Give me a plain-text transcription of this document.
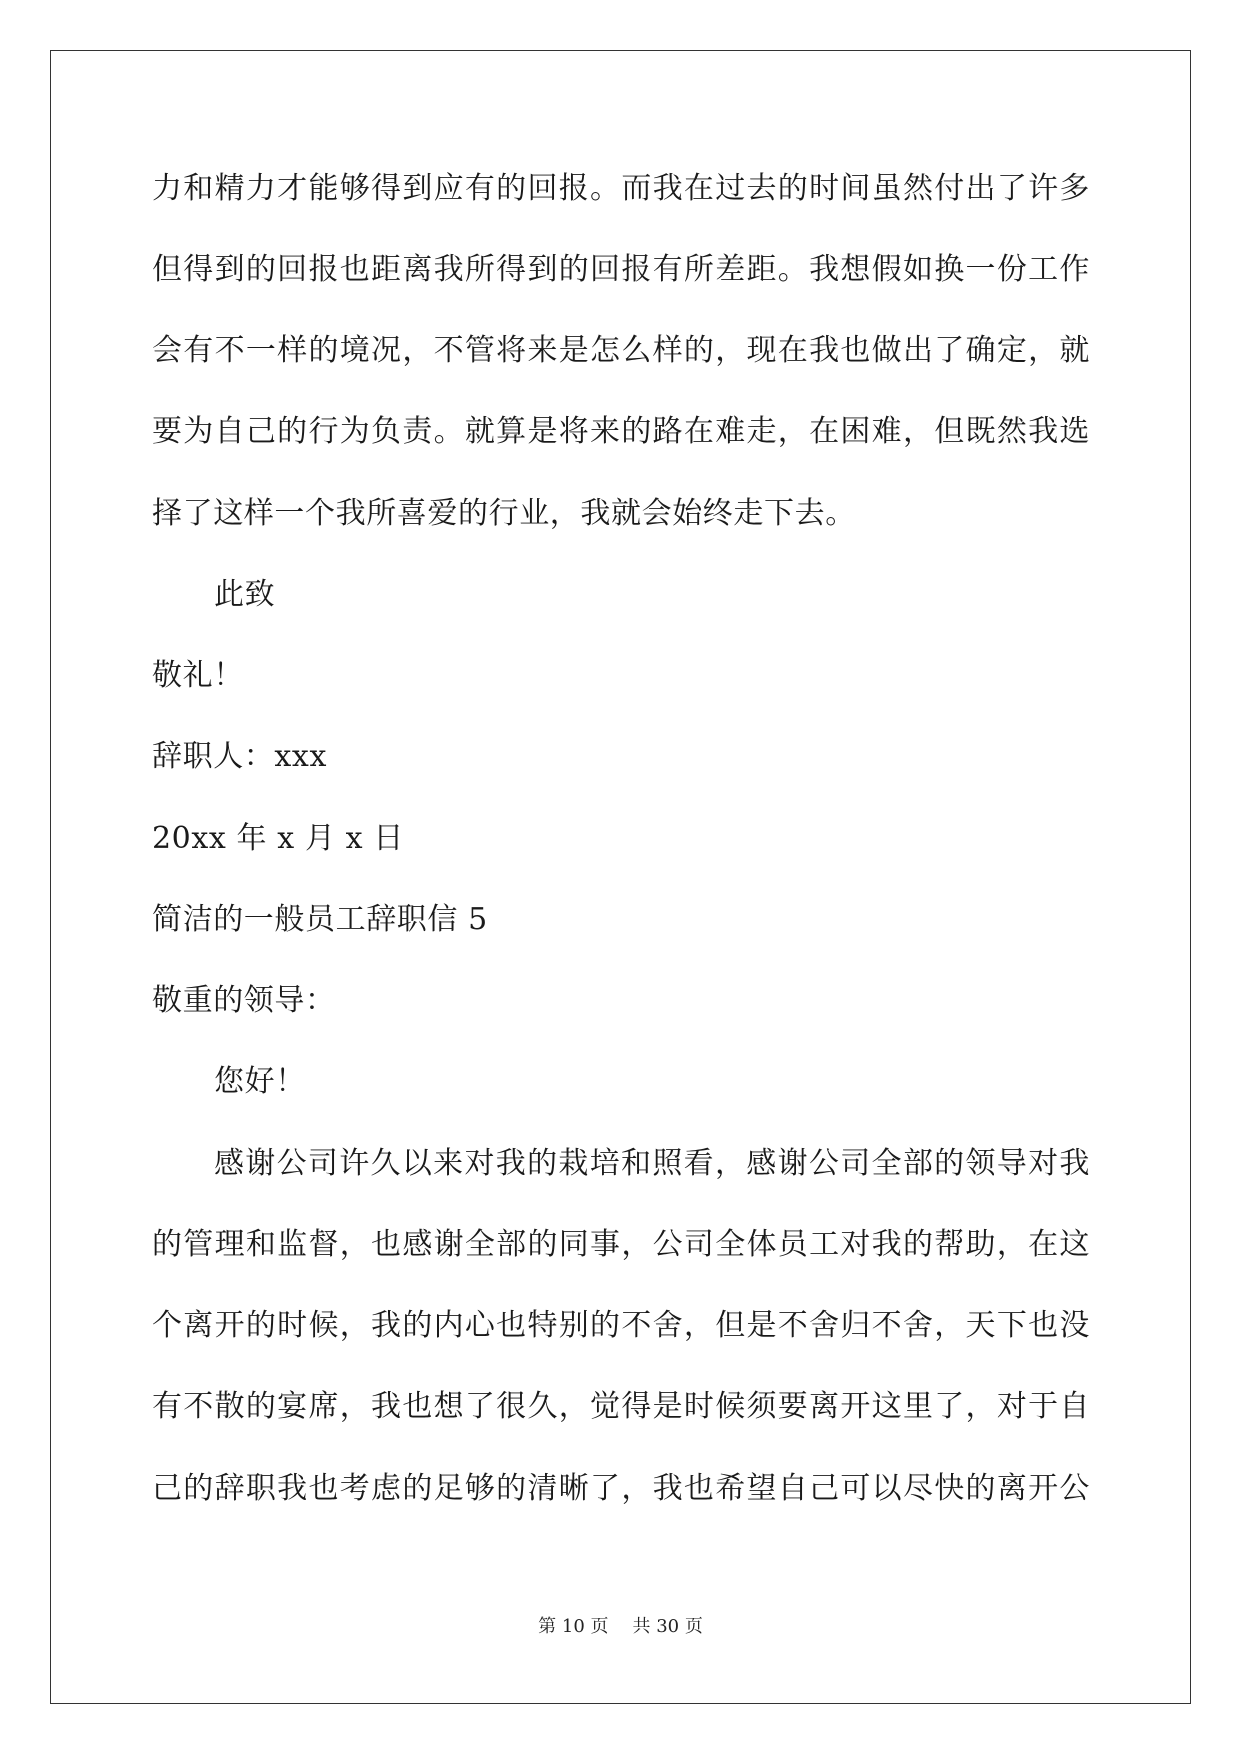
力和精力才能够得到应有的回报。而我在过去的时间虽然付出了许多
但得到的回报也距离我所得到的回报有所差距。我想假如换一份工作
会有不一样的境况，不管将来是怎么样的，现在我也做出了确定，就
要为自己的行为负责。就算是将来的路在难走，在困难，但既然我选
择了这样一个我所喜爱的行业，我就会始终走下去。
此致
敬礼！
辞职人：xxx
20xx 年 x 月 x 日
简洁的一般员工辞职信 5
敬重的领导：
您好！
感谢公司许久以来对我的栽培和照看，感谢公司全部的领导对我
的管理和监督，也感谢全部的同事，公司全体员工对我的帮助，在这
个离开的时候，我的内心也特别的不舍，但是不舍归不舍，天下也没
有不散的宴席，我也想了很久，觉得是时候须要离开这里了，对于自
己的辞职我也考虑的足够的清晰了，我也希望自己可以尽快的离开公
第 10 页 共 30 页
